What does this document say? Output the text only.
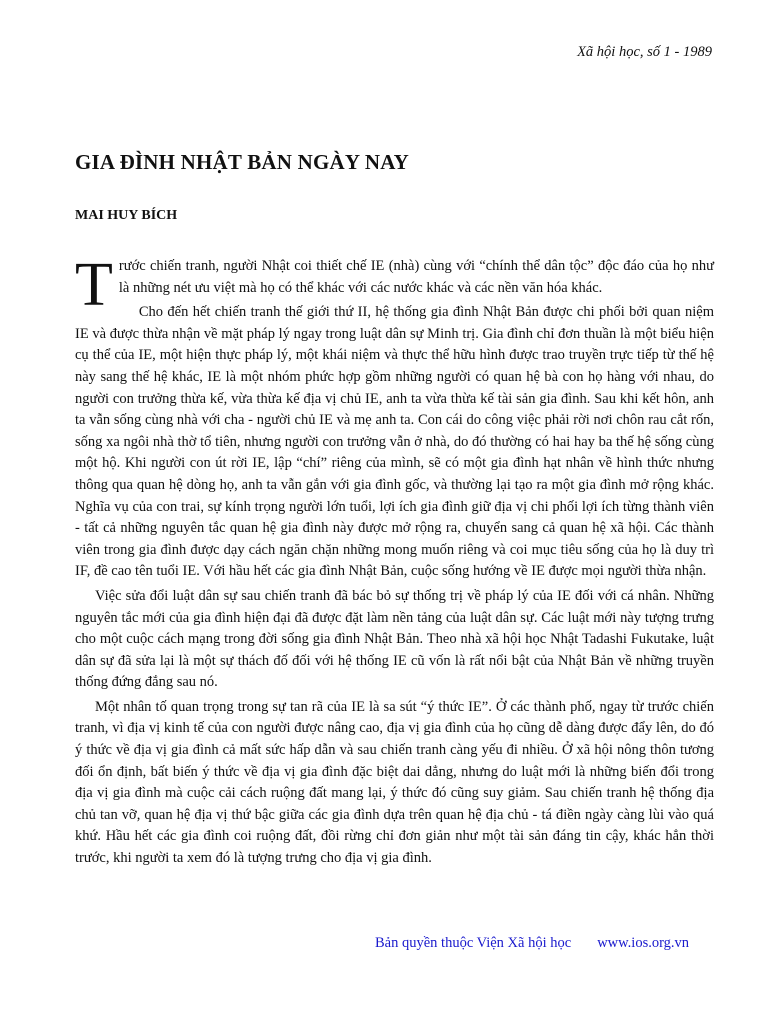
Xã hội học, số 1 - 1989
GIA ĐÌNH NHẬT BẢN NGÀY NAY
MAI HUY BÍCH

Trước chiến tranh, người Nhật coi thiết chế IE (nhà) cùng với “chính thể dân tộc” độc đáo của họ như là những nét ưu việt mà họ có thể khác với các nước khác và các nền văn hóa khác.

Cho đến hết chiến tranh thế giới thứ II, hệ thống gia đình Nhật Bản được chi phối bởi quan niệm IE và được thừa nhận về mặt pháp lý ngay trong luật dân sự Minh trị. Gia đình chỉ đơn thuần là một biểu hiện cụ thể của IE, một hiện thực pháp lý, một khái niệm và thực thể hữu hình được trao truyền trực tiếp từ thế hệ này sang thế hệ khác, IE là một nhóm phức hợp gồm những người có quan hệ bà con họ hàng với nhau, do người con trưởng thừa kế, vừa thừa kế địa vị chủ IE, anh ta vừa thừa kế tài sản gia đình. Sau khi kết hôn, anh ta vẫn sống cùng nhà với cha - người chủ IE và mẹ anh ta. Con cái do công việc phải rời nơi chôn rau cắt rốn, sống xa ngôi nhà thờ tổ tiên, nhưng người con trưởng vẫn ở nhà, do đó thường có hai hay ba thế hệ sống cùng một hộ. Khi người con út rời IE, lập “chí” riêng của mình, sẽ có một gia đình hạt nhân về hình thức nhưng thông qua quan hệ dòng họ, anh ta vẫn gắn với gia đình gốc, và thường lại tạo ra một gia đình mở rộng khác. Nghĩa vụ của con trai, sự kính trọng người lớn tuổi, lợi ích gia đình giữ địa vị chi phối lợi ích từng thành viên - tất cả những nguyên tắc quan hệ gia đình này được mở rộng ra, chuyển sang cả quan hệ xã hội. Các thành viên trong gia đình được dạy cách ngăn chặn những mong muốn riêng và coi mục tiêu sống của họ là duy trì IF, đề cao tên tuổi IE. Với hầu hết các gia đình Nhật Bản, cuộc sống hướng về IE được mọi người thừa nhận.

Việc sửa đổi luật dân sự sau chiến tranh đã bác bỏ sự thống trị về pháp lý của IE đối với cá nhân. Những nguyên tắc mới của gia đình hiện đại đã được đặt làm nền tảng của luật dân sự. Các luật mới này tượng trưng cho một cuộc cách mạng trong đời sống gia đình Nhật Bản. Theo nhà xã hội học Nhật Tadashi Fukutake, luật dân sự đã sửa lại là một sự thách đố đối với hệ thống IE cũ vốn là rất nổi bật của Nhật Bản về những truyền thống đứng đắng sau nó.

Một nhân tố quan trọng trong sự tan rã của IE là sa sút “ý thức IE”. Ở các thành phố, ngay từ trước chiến tranh, vì địa vị kinh tế của con người được nâng cao, địa vị gia đình của họ cũng dễ dàng được đẩy lên, do đó ý thức về địa vị gia đình cả mất sức hấp dẫn và sau chiến tranh càng yếu đi nhiều. Ở xã hội nông thôn tương đối ổn định, bất biến ý thức về địa vị gia đình đặc biệt dai dẳng, nhưng do luật mới là những biến đổi trong địa vị gia đình mà cuộc cải cách ruộng đất mang lại, ý thức đó cũng suy giảm. Sau chiến tranh hệ thống địa chủ tan vỡ, quan hệ địa vị thứ bậc giữa các gia đình dựa trên quan hệ địa chủ - tá điền ngày càng lùi vào quá khứ. Hầu hết các gia đình coi ruộng đất, đồi rừng chỉ đơn giản như một tài sản đáng tin cậy, khác hẳn thời trước, khi người ta xem đó là tượng trưng cho địa vị gia đình.

Bản quyền thuộc Viện Xã hội học www.ios.org.vn
